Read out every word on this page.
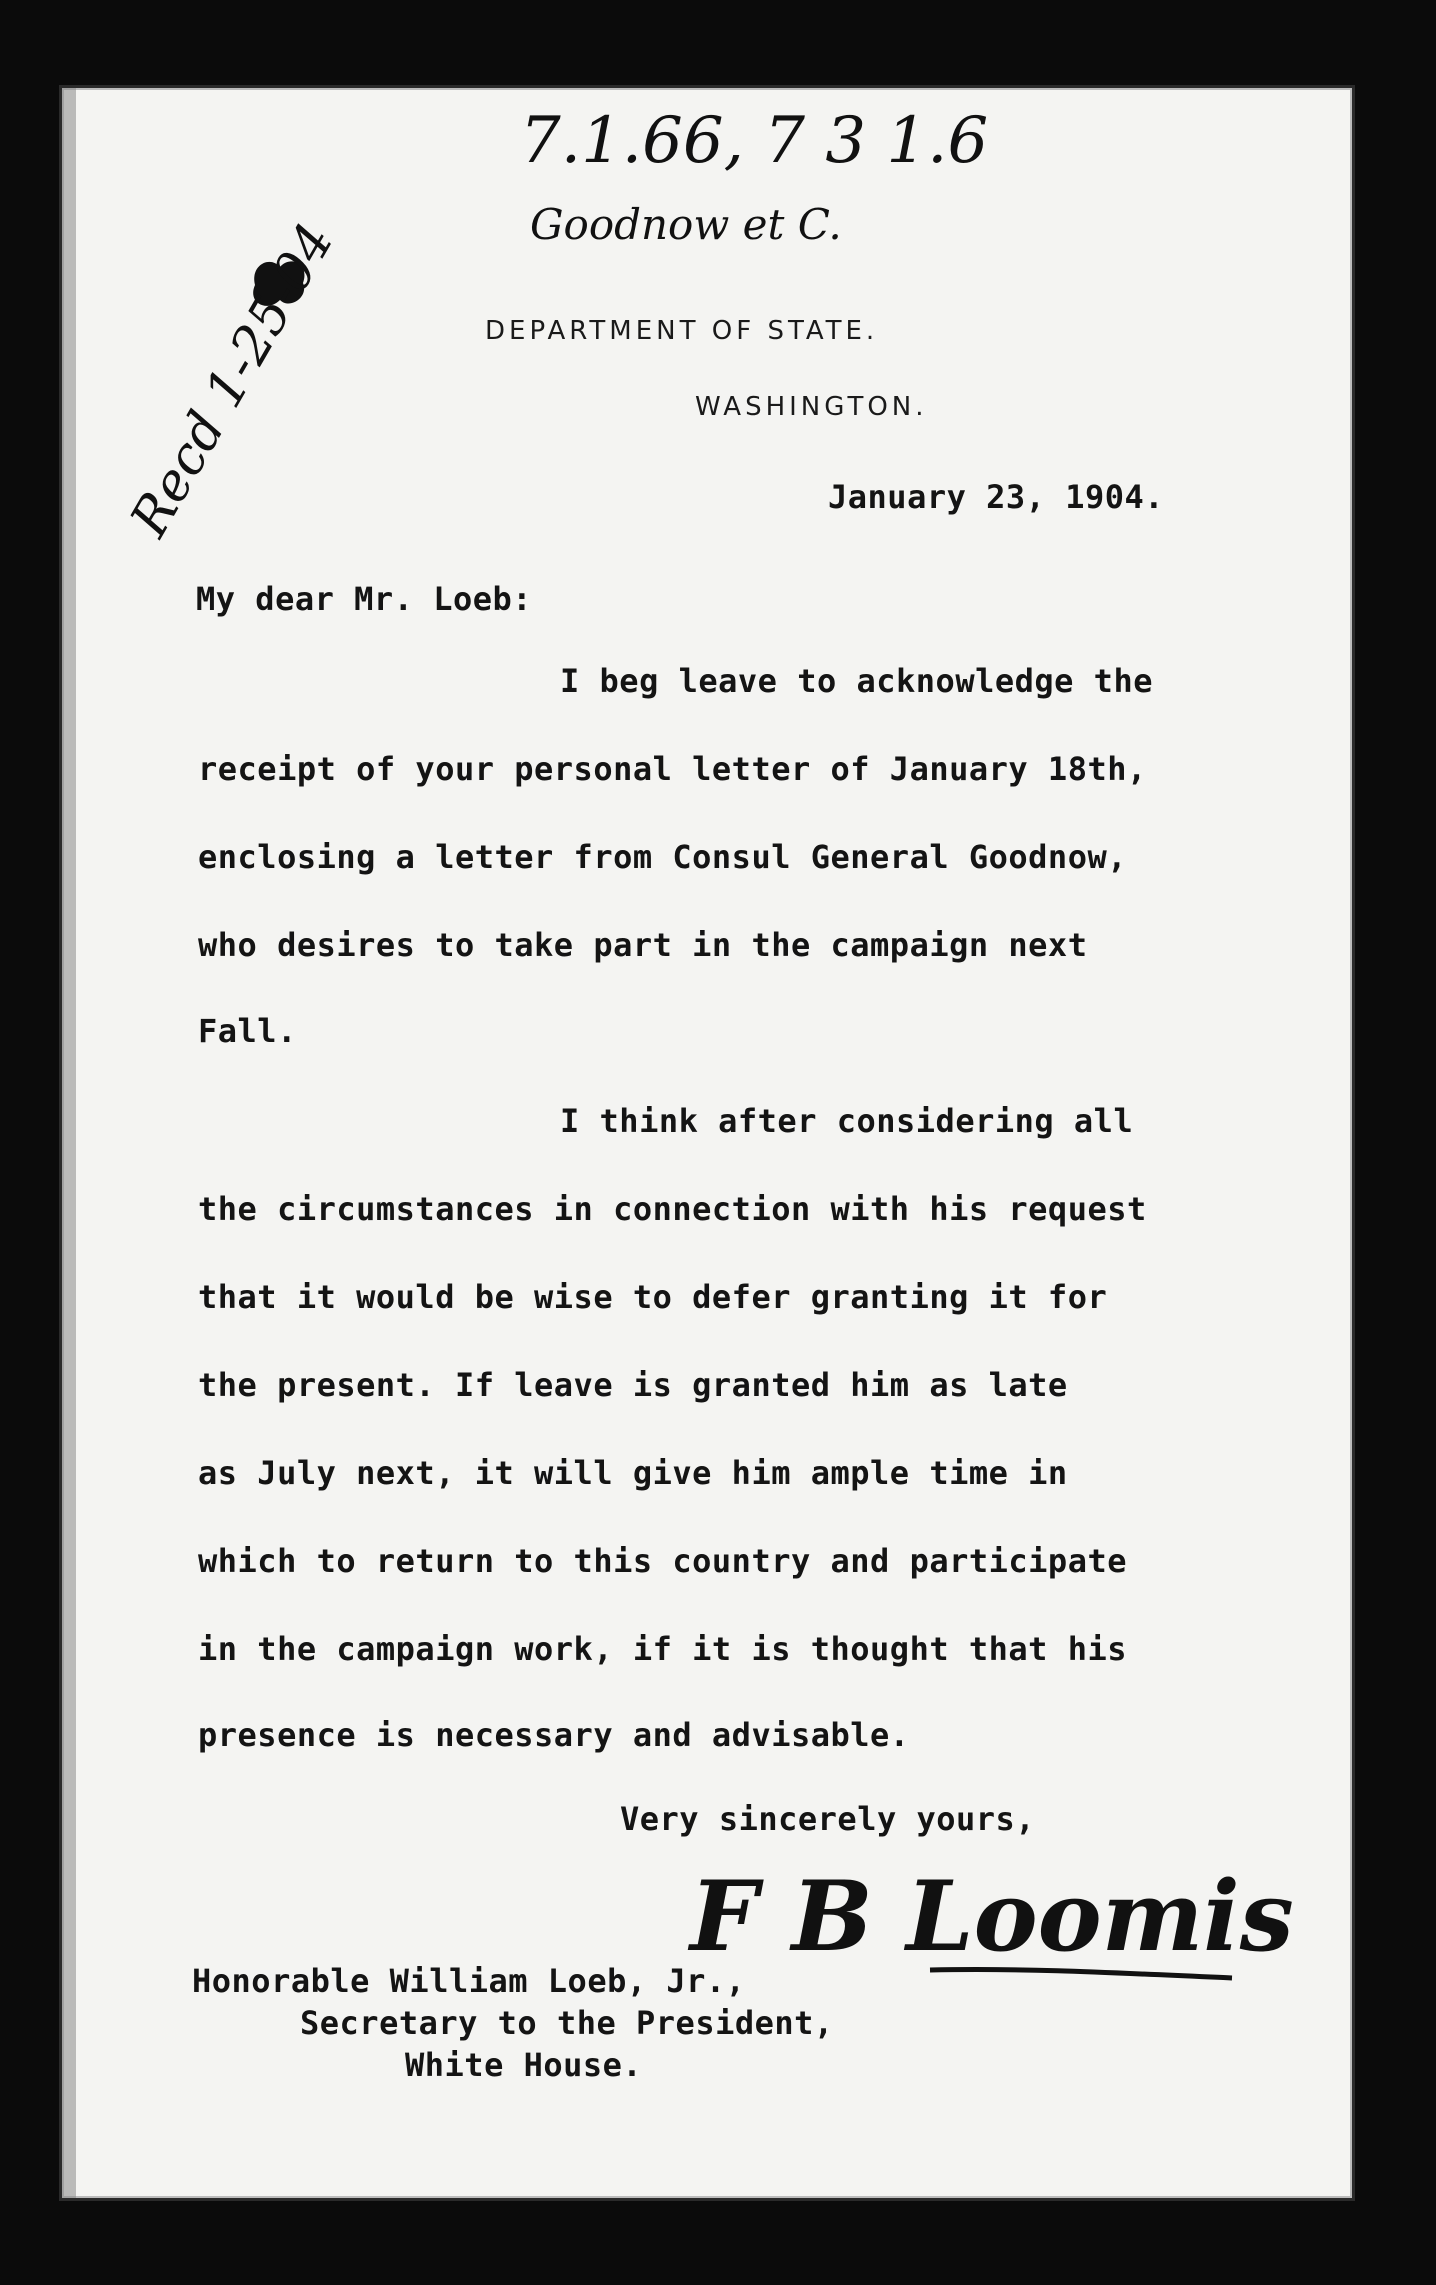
7.1.66, 7 3 1.6
Goodnow et C.
Recd 1-25-04	DEPARTMENT OF STATE.
WASHINGTON.
January 23, 1904.
My dear Mr. Loeb:
I beg leave to acknowledge the
receipt of your personal letter of January 18th,
enclosing a letter from Consul General Goodnow,
who desires to take part in the campaign next
Fall.
I think after considering all
the circumstances in connection with his request
that it would be wise to defer granting it for
the present. If leave is granted him as late
as July next, it will give him ample time in
which to return to this country and participate
in the campaign work, if it is thought that his
presence is necessary and advisable.
Very sincerely yours,
F B Loomis
Honorable William Loeb, Jr.,
Secretary to the President,
White House.
